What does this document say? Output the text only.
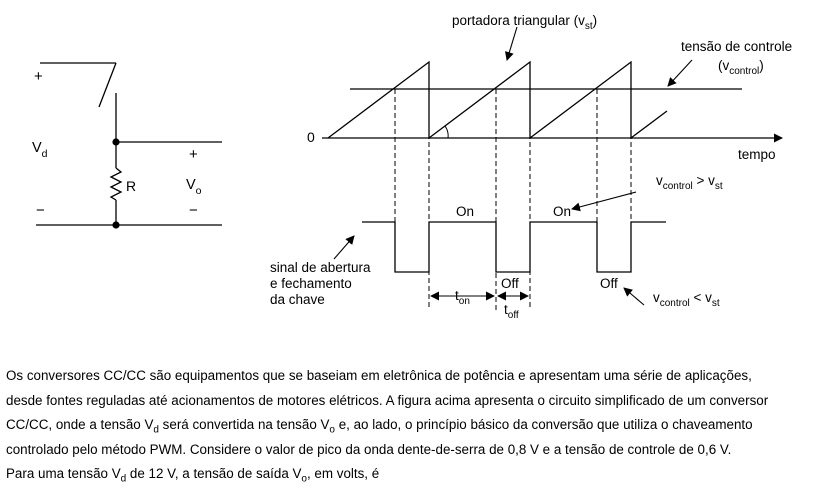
+
$V_d$
−
R
+
$V_o$
−
0
tempo
portadora triangular $(v_{st})$
tensão de controle
$(v_{control})$
On	On
$v_{control} > v_{st}$
sinal de abertura
e fechamento
da chave	$t_{on}$
$t_{off}$
Off	Off
$v_{control} < v_{st}$
Os conversores CC/CC são equipamentos que se baseiam em eletrônica de potência e apresentam uma série de aplicações,
desde fontes reguladas até acionamentos de motores elétricos. A figura acima apresenta o circuito simplificado de um conversor
CC/CC, onde a tensão $V_d$ será convertida na tensão $V_o$ e, ao lado, o princípio básico da conversão que utiliza o chaveamento
controlado pelo método PWM. Considere o valor de pico da onda dente-de-serra de 0,8 V e a tensão de controle de 0,6 V.
Para uma tensão $V_d$ de 12 V, a tensão de saída $V_o$, em volts, é
